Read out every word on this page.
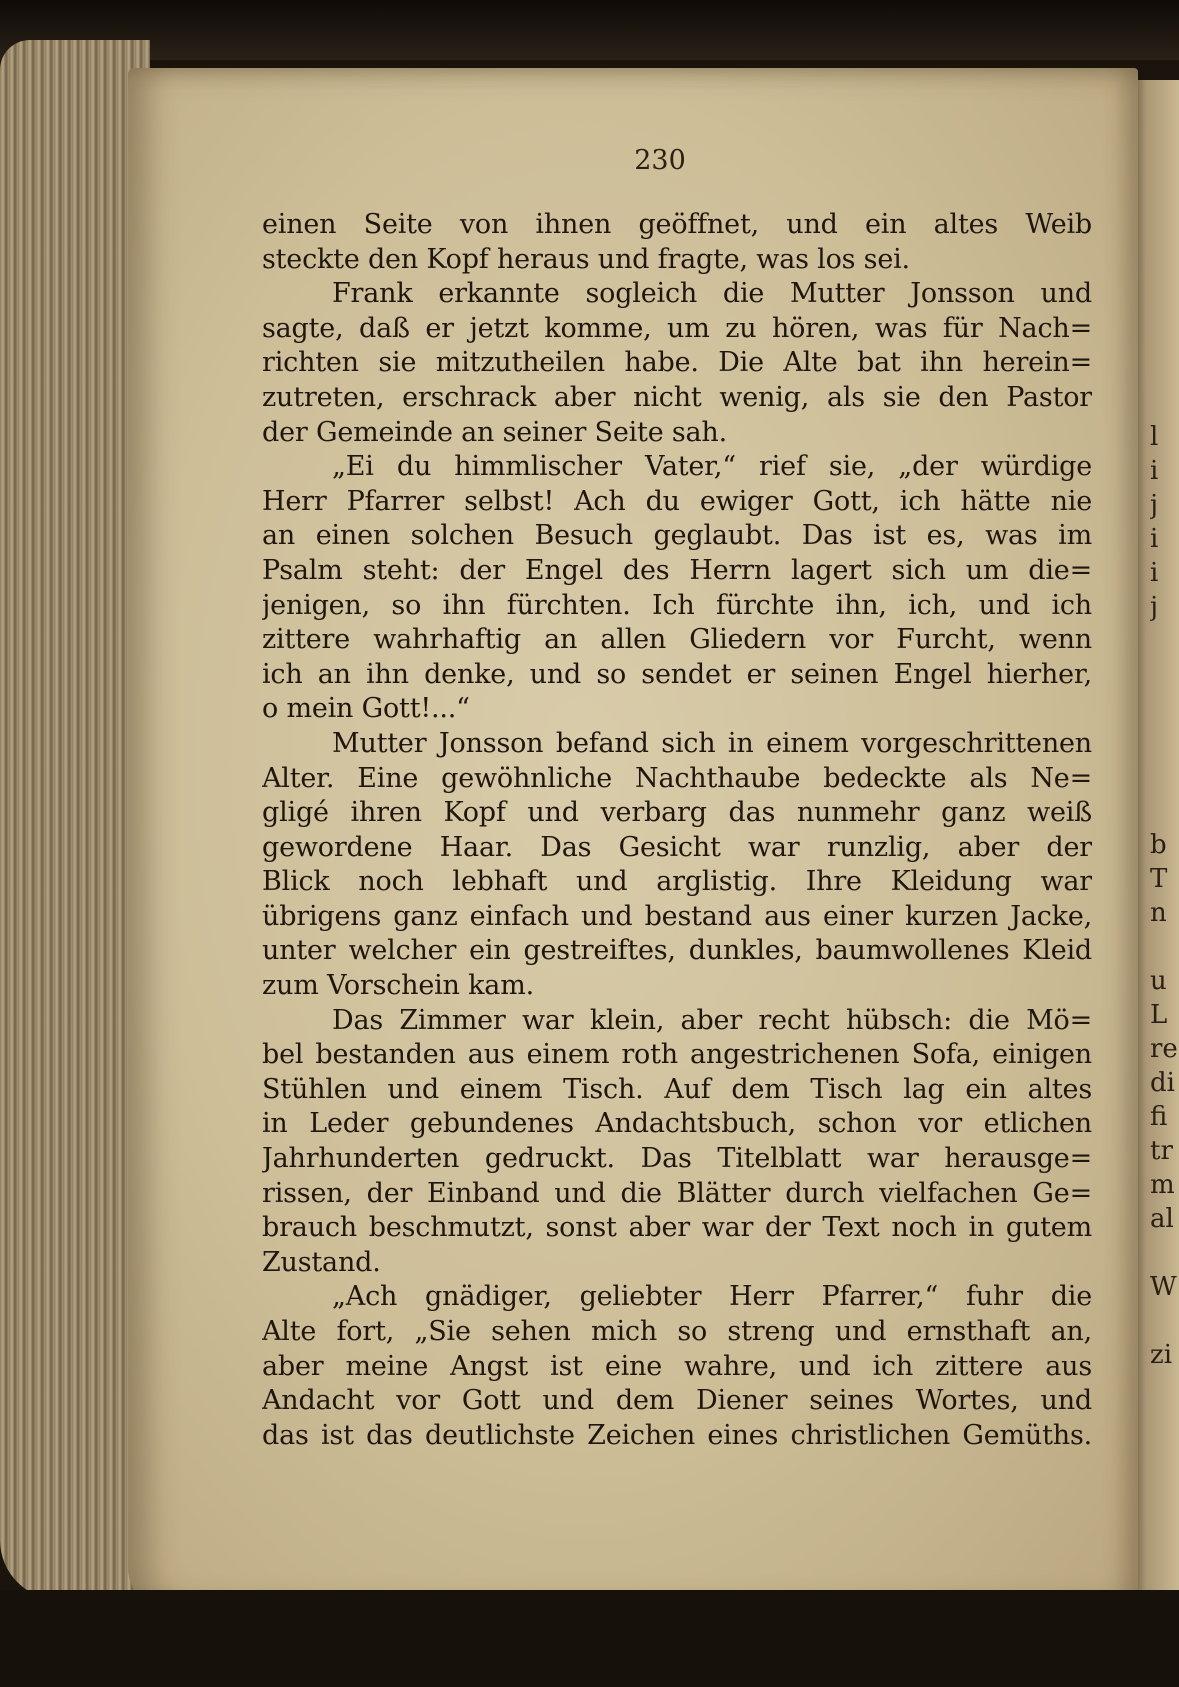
230
einen Seite von ihnen geöffnet, und ein altes Weib
steckte den Kopf heraus und fragte, was los sei.
Frank erkannte sogleich die Mutter Jonsson und
sagte, daß er jetzt komme, um zu hören, was für Nach=
richten sie mitzutheilen habe. Die Alte bat ihn herein=
zutreten, erschrack aber nicht wenig, als sie den Pastor
der Gemeinde an seiner Seite sah.
„Ei du himmlischer Vater,“ rief sie, „der würdige
Herr Pfarrer selbst! Ach du ewiger Gott, ich hätte nie
an einen solchen Besuch geglaubt. Das ist es, was im
Psalm steht: der Engel des Herrn lagert sich um die=
jenigen, so ihn fürchten. Ich fürchte ihn, ich, und ich
zittere wahrhaftig an allen Gliedern vor Furcht, wenn
ich an ihn denke, und so sendet er seinen Engel hierher,
o mein Gott!...“
Mutter Jonsson befand sich in einem vorgeschrittenen
Alter. Eine gewöhnliche Nachthaube bedeckte als Ne=
gligé ihren Kopf und verbarg das nunmehr ganz weiß
gewordene Haar. Das Gesicht war runzlig, aber der
Blick noch lebhaft und arglistig. Ihre Kleidung war
übrigens ganz einfach und bestand aus einer kurzen Jacke,
unter welcher ein gestreiftes, dunkles, baumwollenes Kleid
zum Vorschein kam.
Das Zimmer war klein, aber recht hübsch: die Mö=
bel bestanden aus einem roth angestrichenen Sofa, einigen
Stühlen und einem Tisch. Auf dem Tisch lag ein altes
in Leder gebundenes Andachtsbuch, schon vor etlichen
Jahrhunderten gedruckt. Das Titelblatt war herausge=
rissen, der Einband und die Blätter durch vielfachen Ge=
brauch beschmutzt, sonst aber war der Text noch in gutem
Zustand.
„Ach gnädiger, geliebter Herr Pfarrer,“ fuhr die
Alte fort, „Sie sehen mich so streng und ernsthaft an,
aber meine Angst ist eine wahre, und ich zittere aus
Andacht vor Gott und dem Diener seines Wortes, und
das ist das deutlichste Zeichen eines christlichen Gemüths.
l
i
j
i
i
j
b
T
n
u
L
re
di
fi
tr
m
al
W
zi
